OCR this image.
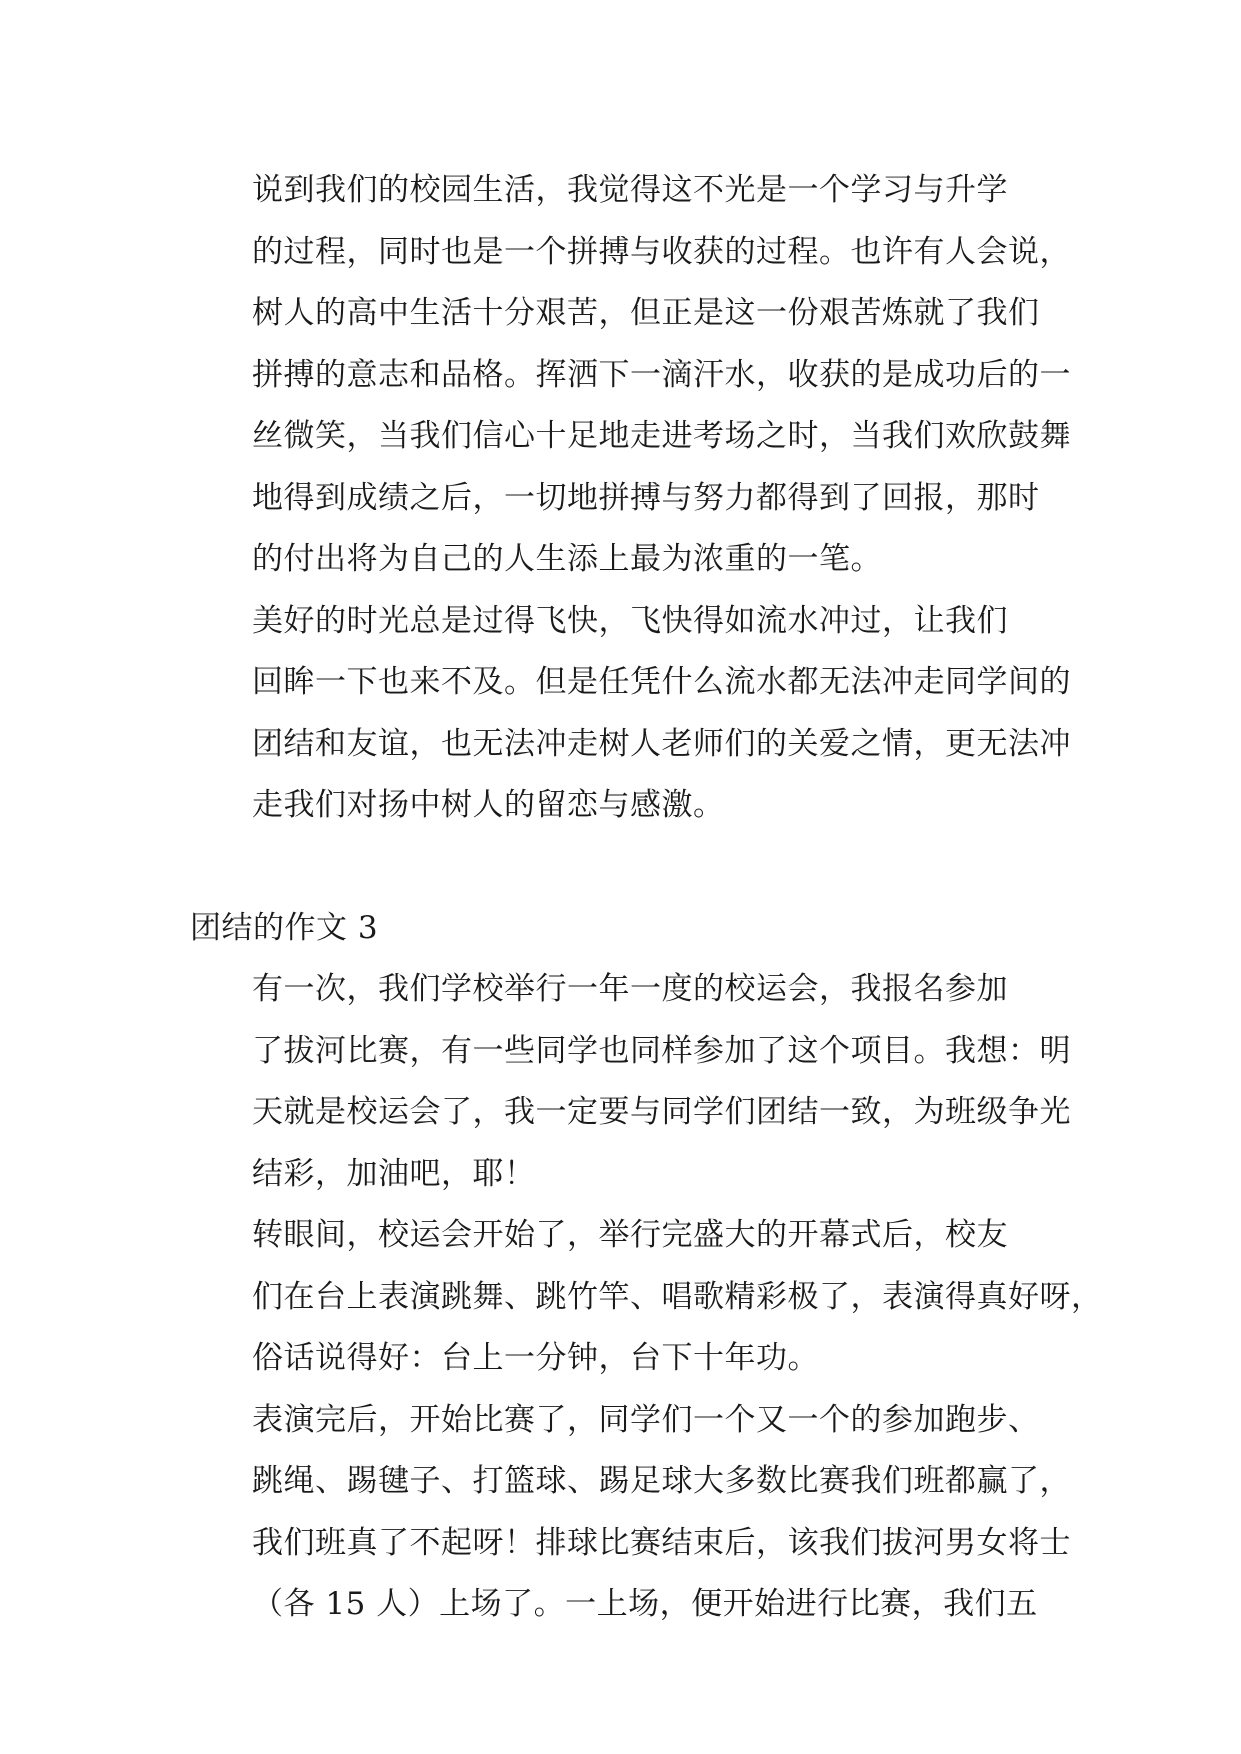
说到我们的校园生活，我觉得这不光是一个学习与升学
的过程，同时也是一个拼搏与收获的过程。也许有人会说，
树人的高中生活十分艰苦，但正是这一份艰苦炼就了我们
拼搏的意志和品格。挥洒下一滴汗水，收获的是成功后的一
丝微笑，当我们信心十足地走进考场之时，当我们欢欣鼓舞
地得到成绩之后，一切地拼搏与努力都得到了回报，那时
的付出将为自己的人生添上最为浓重的一笔。
美好的时光总是过得飞快，飞快得如流水冲过，让我们
回眸一下也来不及。但是任凭什么流水都无法冲走同学间的
团结和友谊，也无法冲走树人老师们的关爱之情，更无法冲
走我们对扬中树人的留恋与感激。
团结的作文 3
有一次，我们学校举行一年一度的校运会，我报名参加
了拔河比赛，有一些同学也同样参加了这个项目。我想：明
天就是校运会了，我一定要与同学们团结一致，为班级争光
结彩，加油吧，耶！
转眼间，校运会开始了，举行完盛大的开幕式后，校友
们在台上表演跳舞、跳竹竿、唱歌精彩极了，表演得真好呀，
俗话说得好：台上一分钟，台下十年功。
表演完后，开始比赛了，同学们一个又一个的参加跑步、
跳绳、踢毽子、打篮球、踢足球大多数比赛我们班都赢了，
我们班真了不起呀！排球比赛结束后，该我们拔河男女将士
（各 15 人）上场了。一上场，便开始进行比赛，我们五
